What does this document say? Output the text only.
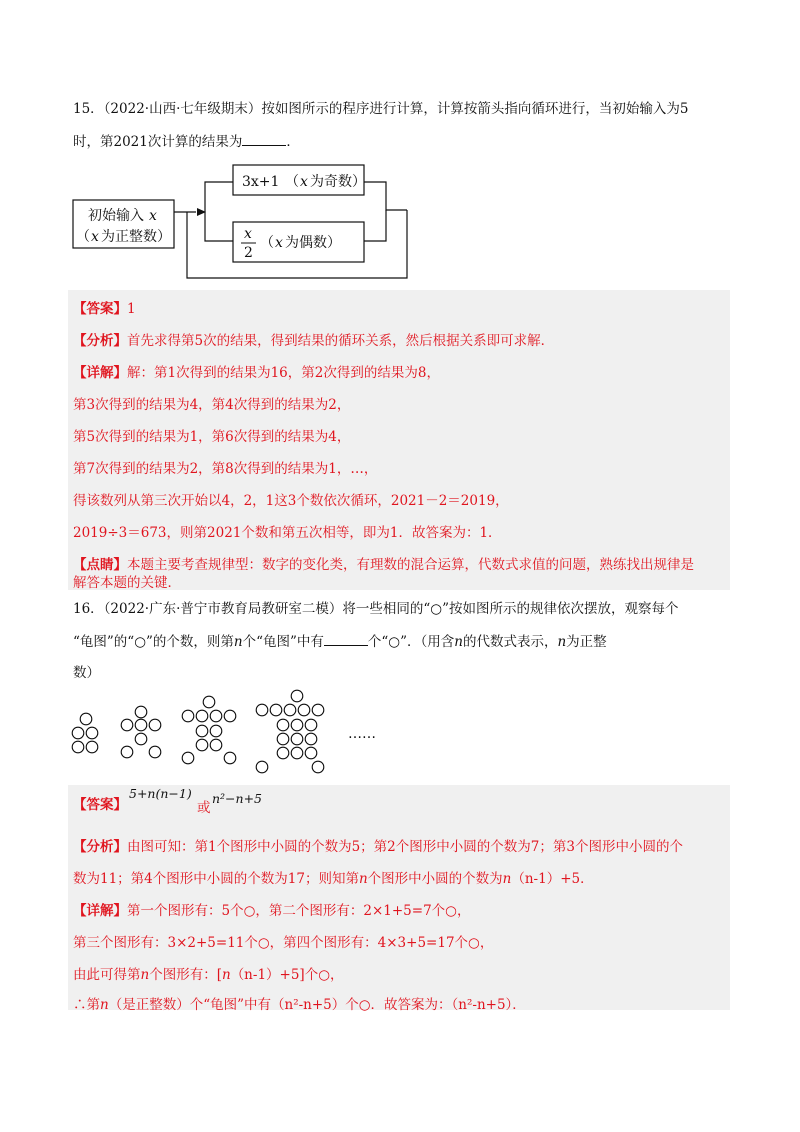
15．（2022·山西·七年级期末）按如图所示的程序进行计算，计算按箭头指向循环进行，当初始输入为5
时，第2021次计算的结果为	．
初始输入 x
（ x 为正整数）
3x+1 （ x 为奇数）
x
2
（ x 为偶数）
【答案】1
【分析】首先求得第5次的结果，得到结果的循环关系，然后根据关系即可求解．
【详解】解：第1次得到的结果为16，第2次得到的结果为8，
第3次得到的结果为4，第4次得到的结果为2，
第5次得到的结果为1，第6次得到的结果为4，
第7次得到的结果为2，第8次得到的结果为1，…，
得该数列从第三次开始以4，2，1这3个数依次循环，2021－2＝2019，
2019÷3＝673，则第2021个数和第五次相等，即为1．故答案为：1．
【点睛】本题主要考查规律型：数字的变化类，有理数的混合运算，代数式求值的问题，熟练找出规律是
解答本题的关键．
16．（2022·广东·普宁市教育局教研室二模）将一些相同的“○”按如图所示的规律依次摆放，观察每个
“龟图”的“○”的个数，则第n个“龟图”中有	个“○”．（用含n的代数式表示，n为正整
数）
……
【答案】
5+n(n−1)
或
n²−n+5
【分析】由图可知：第1个图形中小圆的个数为5；第2个图形中小圆的个数为7；第3个图形中小圆的个
数为11；第4个图形中小圆的个数为17；则知第n个图形中小圆的个数为n（n-1）+5．
【详解】第一个图形有：5个○，第二个图形有：2×1+5=7个○，
第三个图形有：3×2+5=11个○，第四个图形有：4×3+5=17个○，
由此可得第n个图形有：[n（n-1）+5]个○，
∴第n（是正整数）个“龟图”中有（n²-n+5）个○．故答案为：（n²-n+5）．
